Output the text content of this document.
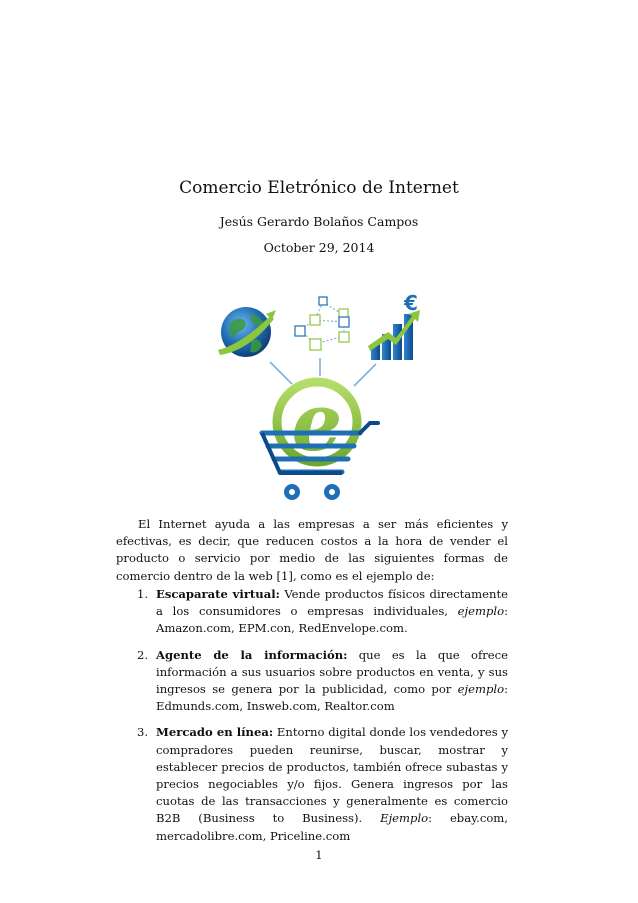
Comercio Eletrónico de Internet
Jesús Gerardo Bolaños Campos
October 29, 2014
€
e

El Internet ayuda a las empresas a ser más eficientes y efectivas, es decir, que reducen costos a la hora de vender el producto o servicio por medio de las siguientes formas de comercio dentro de la web [1], como es el ejemplo de:

1. Escaparate virtual: Vende productos físicos directamente a los consumidores o empresas individuales, ejemplo: Amazon.com, EPM.con, RedEnvelope.com.
2. Agente de la información: que es la que ofrece información a sus usuarios sobre productos en venta, y sus ingresos se genera por la publicidad, como por ejemplo: Edmunds.com, Insweb.com, Realtor.com
3. Mercado en línea: Entorno digital donde los vendedores y compradores pueden reunirse, buscar, mostrar y establecer precios de productos, también ofrece subastas y precios negociables y/o fijos. Genera ingresos por las cuotas de las transacciones y generalmente es comercio B2B (Business to Business). Ejemplo: ebay.com, mercadolibre.com, Priceline.com
1
